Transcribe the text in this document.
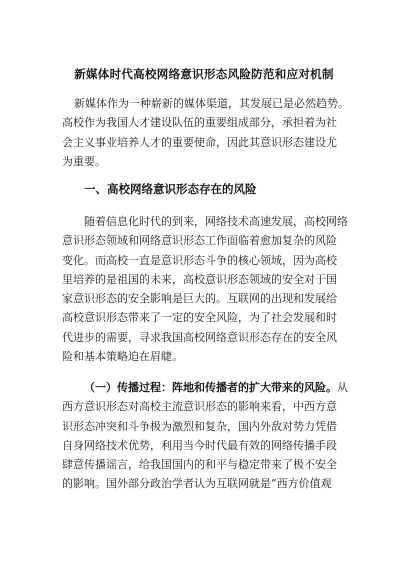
新媒体时代高校网络意识形态风险防范和应对机制
新媒体作为一种崭新的媒体渠道，其发展已是必然趋势。
高校作为我国人才建设队伍的重要组成部分，承担着为社
会主义事业培养人才的重要使命，因此其意识形态建设尤
为重要。
一、高校网络意识形态存在的风险
随着信息化时代的到来，网络技术高速发展，高校网络
意识形态领域和网络意识形态工作面临着愈加复杂的风险
变化。而高校一直是意识形态斗争的核心领域，因为高校
里培养的是祖国的未来，高校意识形态领域的安全对于国
家意识形态的安全影响是巨大的。互联网的出现和发展给
高校意识形态带来了一定的安全风险，为了社会发展和时
代进步的需要，寻求我国高校网络意识形态存在的安全风
险和基本策略迫在眉睫。
（一）传播过程：阵地和传播者的扩大带来的风险。从
西方意识形态对高校主流意识形态的影响来看，中西方意
识形态冲突和斗争极为激烈和复杂，国内外敌对势力凭借
自身网络技术优势，利用当今时代最有效的网络传播手段
肆意传播谣言，给我国国内的和平与稳定带来了极不安全
的影响。国外部分政治学者认为互联网就是“西方价值观
